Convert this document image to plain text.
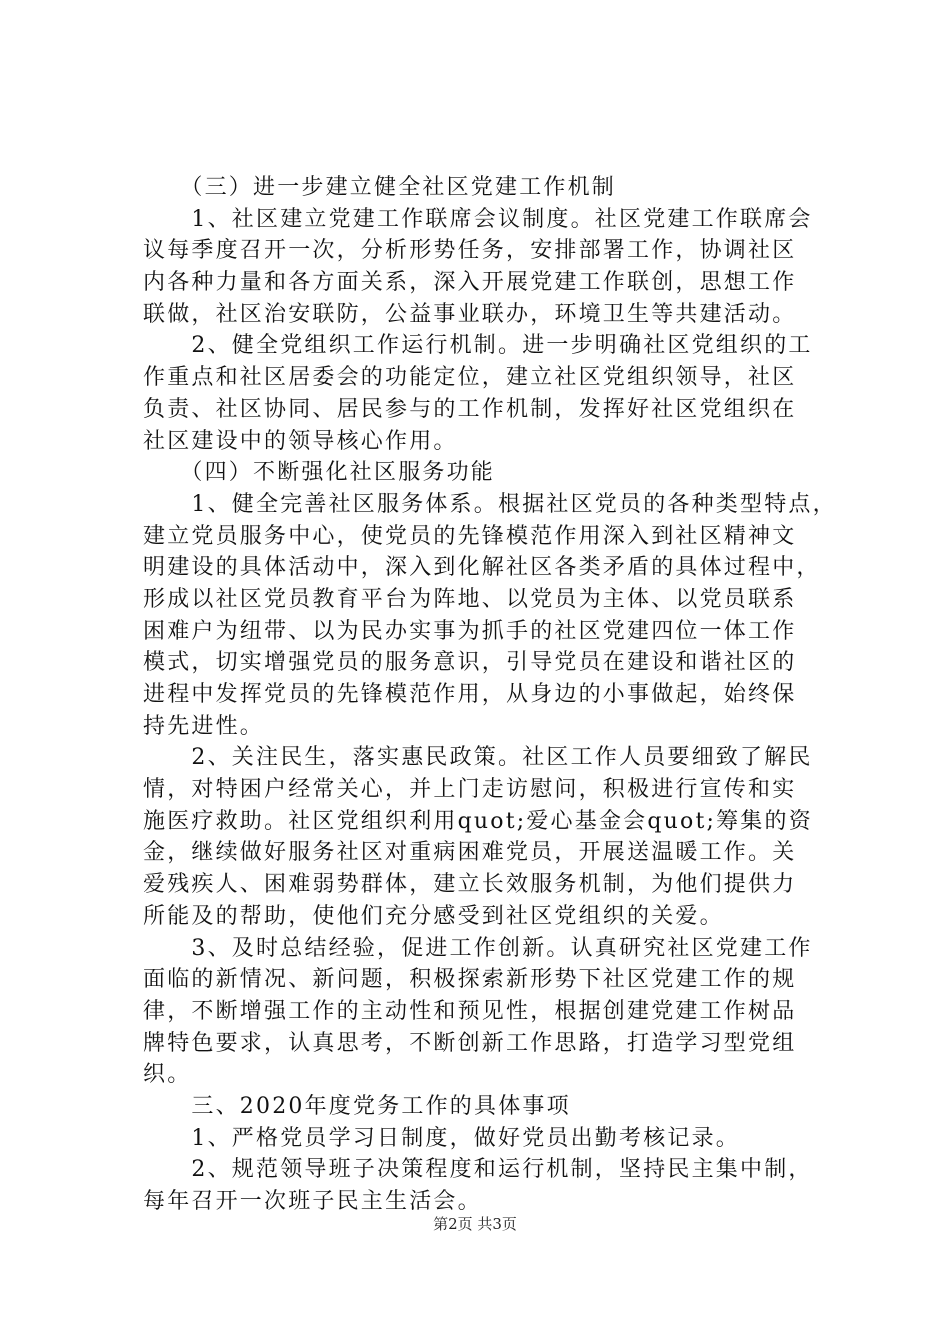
　　（三）进一步建立健全社区党建工作机制
　　1、社区建立党建工作联席会议制度。社区党建工作联席会
议每季度召开一次，分析形势任务，安排部署工作，协调社区
内各种力量和各方面关系，深入开展党建工作联创，思想工作
联做，社区治安联防，公益事业联办，环境卫生等共建活动。
　　2、健全党组织工作运行机制。进一步明确社区党组织的工
作重点和社区居委会的功能定位，建立社区党组织领导，社区
负责、社区协同、居民参与的工作机制，发挥好社区党组织在
社区建设中的领导核心作用。
　　（四）不断强化社区服务功能
　　1、健全完善社区服务体系。根据社区党员的各种类型特点，
建立党员服务中心，使党员的先锋模范作用深入到社区精神文
明建设的具体活动中，深入到化解社区各类矛盾的具体过程中，
形成以社区党员教育平台为阵地、以党员为主体、以党员联系
困难户为纽带、以为民办实事为抓手的社区党建四位一体工作
模式，切实增强党员的服务意识，引导党员在建设和谐社区的
进程中发挥党员的先锋模范作用，从身边的小事做起，始终保
持先进性。
　　2、关注民生，落实惠民政策。社区工作人员要细致了解民
情，对特困户经常关心，并上门走访慰问，积极进行宣传和实
施医疗救助。社区党组织利用quot;爱心基金会quot;筹集的资
金，继续做好服务社区对重病困难党员，开展送温暖工作。关
爱残疾人、困难弱势群体，建立长效服务机制，为他们提供力
所能及的帮助，使他们充分感受到社区党组织的关爱。
　　3、及时总结经验，促进工作创新。认真研究社区党建工作
面临的新情况、新问题，积极探索新形势下社区党建工作的规
律，不断增强工作的主动性和预见性，根据创建党建工作树品
牌特色要求，认真思考，不断创新工作思路，打造学习型党组
织。
　　三、2020年度党务工作的具体事项
　　1、严格党员学习日制度，做好党员出勤考核记录。
　　2、规范领导班子决策程度和运行机制，坚持民主集中制，
每年召开一次班子民主生活会。
第2页 共3页
